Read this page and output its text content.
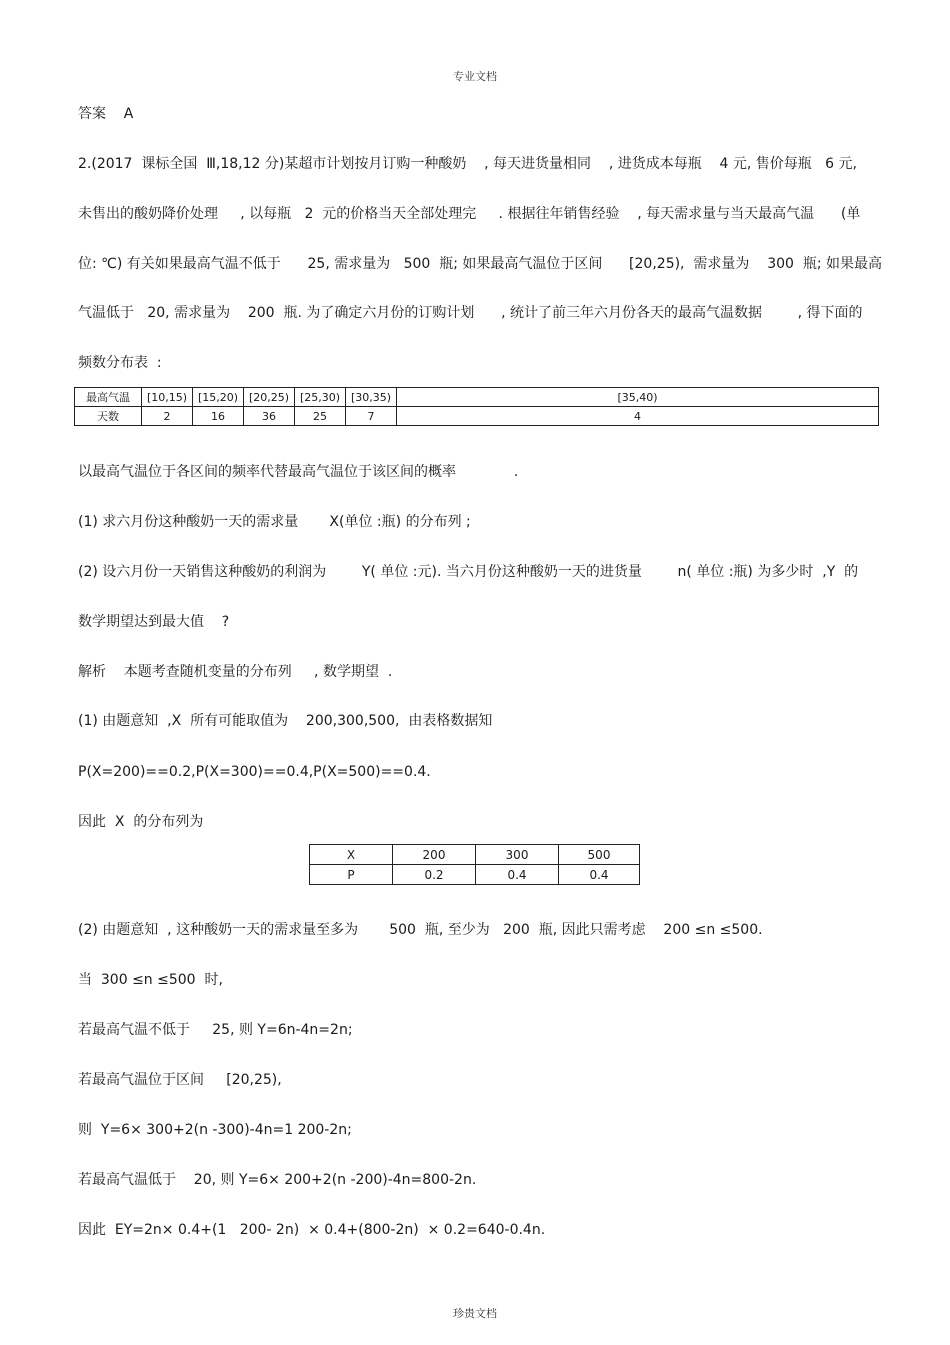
专业文档
答案    A
2.(2017  课标全国  Ⅲ,18,12 分)某超市计划按月订购一种酸奶    , 每天进货量相同    , 进货成本每瓶    4 元, 售价每瓶   6 元,
未售出的酸奶降价处理     , 以每瓶   2  元的价格当天全部处理完     . 根据往年销售经验    , 每天需求量与当天最高气温      (单
位: ℃) 有关如果最高气温不低于      25, 需求量为   500  瓶; 如果最高气温位于区间      [20,25),  需求量为    300  瓶; 如果最高
气温低于   20, 需求量为    200  瓶. 为了确定六月份的订购计划      , 统计了前三年六月份各天的最高气温数据        , 得下面的
频数分布表  :
最高气温	[10,15)	[15,20)	[20,25)	[25,30)	[30,35)	[35,40)
天数	2	16	36	25	7	4
以最高气温位于各区间的频率代替最高气温位于该区间的概率             .
(1) 求六月份这种酸奶一天的需求量       X(单位 :瓶) 的分布列 ;
(2) 设六月份一天销售这种酸奶的利润为        Y( 单位 :元). 当六月份这种酸奶一天的进货量        n( 单位 :瓶) 为多少时  ,Y  的
数学期望达到最大值    ?
解析    本题考查随机变量的分布列     , 数学期望  .
(1) 由题意知  ,X  所有可能取值为    200,300,500,  由表格数据知
P(X=200)==0.2,P(X=300)==0.4,P(X=500)==0.4.
因此  X  的分布列为
X	200	300	500
P	0.2	0.4	0.4
(2) 由题意知  , 这种酸奶一天的需求量至多为       500  瓶, 至少为   200  瓶, 因此只需考虑    200 ≤n ≤500.
当  300 ≤n ≤500  时,
若最高气温不低于     25, 则 Y=6n-4n=2n;
若最高气温位于区间     [20,25),
则  Y=6× 300+2(n -300)-4n=1 200-2n;
若最高气温低于    20, 则 Y=6× 200+2(n -200)-4n=800-2n.
因此  EY=2n× 0.4+(1   200- 2n)  × 0.4+(800-2n)  × 0.2=640-0.4n.
珍贵文档
